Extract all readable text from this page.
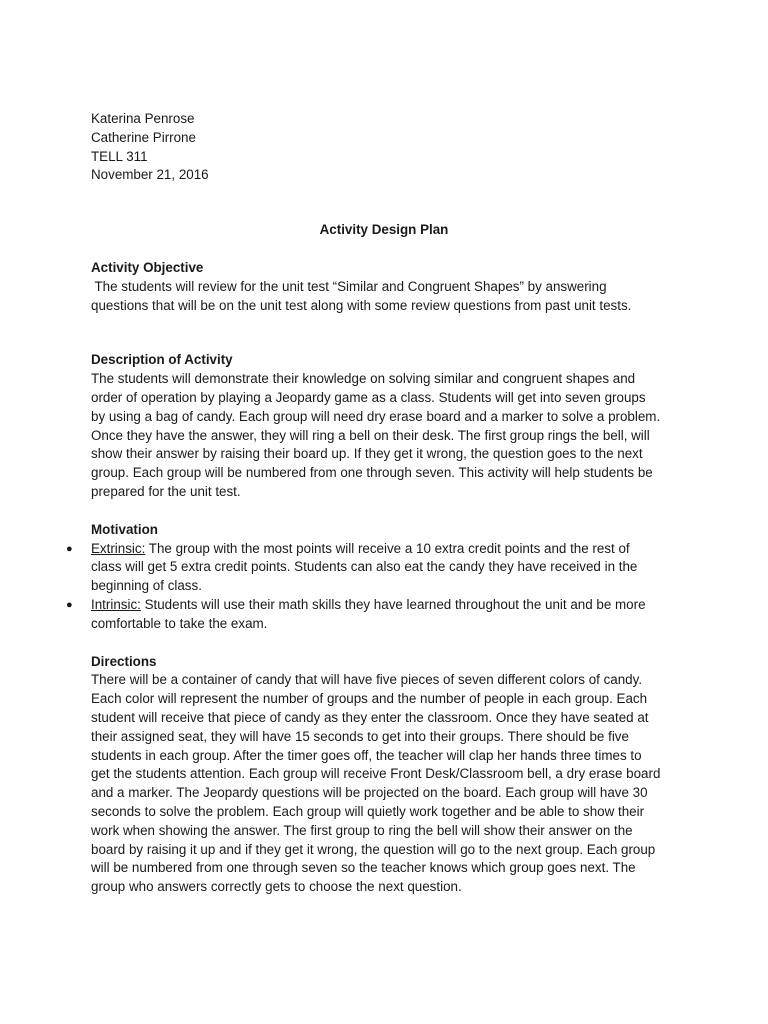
Katerina Penrose
Catherine Pirrone
TELL 311
November 21, 2016
Activity Design Plan
Activity Objective
The students will review for the unit test “Similar and Congruent Shapes” by answering
questions that will be on the unit test along with some review questions from past unit tests.
Description of Activity
The students will demonstrate their knowledge on solving similar and congruent shapes and
order of operation by playing a Jeopardy game as a class. Students will get into seven groups
by using a bag of candy. Each group will need dry erase board and a marker to solve a problem.
Once they have the answer, they will ring a bell on their desk. The first group rings the bell, will
show their answer by raising their board up. If they get it wrong, the question goes to the next
group. Each group will be numbered from one through seven. This activity will help students be
prepared for the unit test.
Motivation
● Extrinsic: The group with the most points will receive a 10 extra credit points and the rest of
class will get 5 extra credit points. Students can also eat the candy they have received in the
beginning of class.
● Intrinsic: Students will use their math skills they have learned throughout the unit and be more
comfortable to take the exam.
Directions
There will be a container of candy that will have five pieces of seven different colors of candy.
Each color will represent the number of groups and the number of people in each group. Each
student will receive that piece of candy as they enter the classroom. Once they have seated at
their assigned seat, they will have 15 seconds to get into their groups. There should be five
students in each group. After the timer goes off, the teacher will clap her hands three times to
get the students attention. Each group will receive Front Desk/Classroom bell, a dry erase board
and a marker. The Jeopardy questions will be projected on the board. Each group will have 30
seconds to solve the problem. Each group will quietly work together and be able to show their
work when showing the answer. The first group to ring the bell will show their answer on the
board by raising it up and if they get it wrong, the question will go to the next group. Each group
will be numbered from one through seven so the teacher knows which group goes next. The
group who answers correctly gets to choose the next question.
